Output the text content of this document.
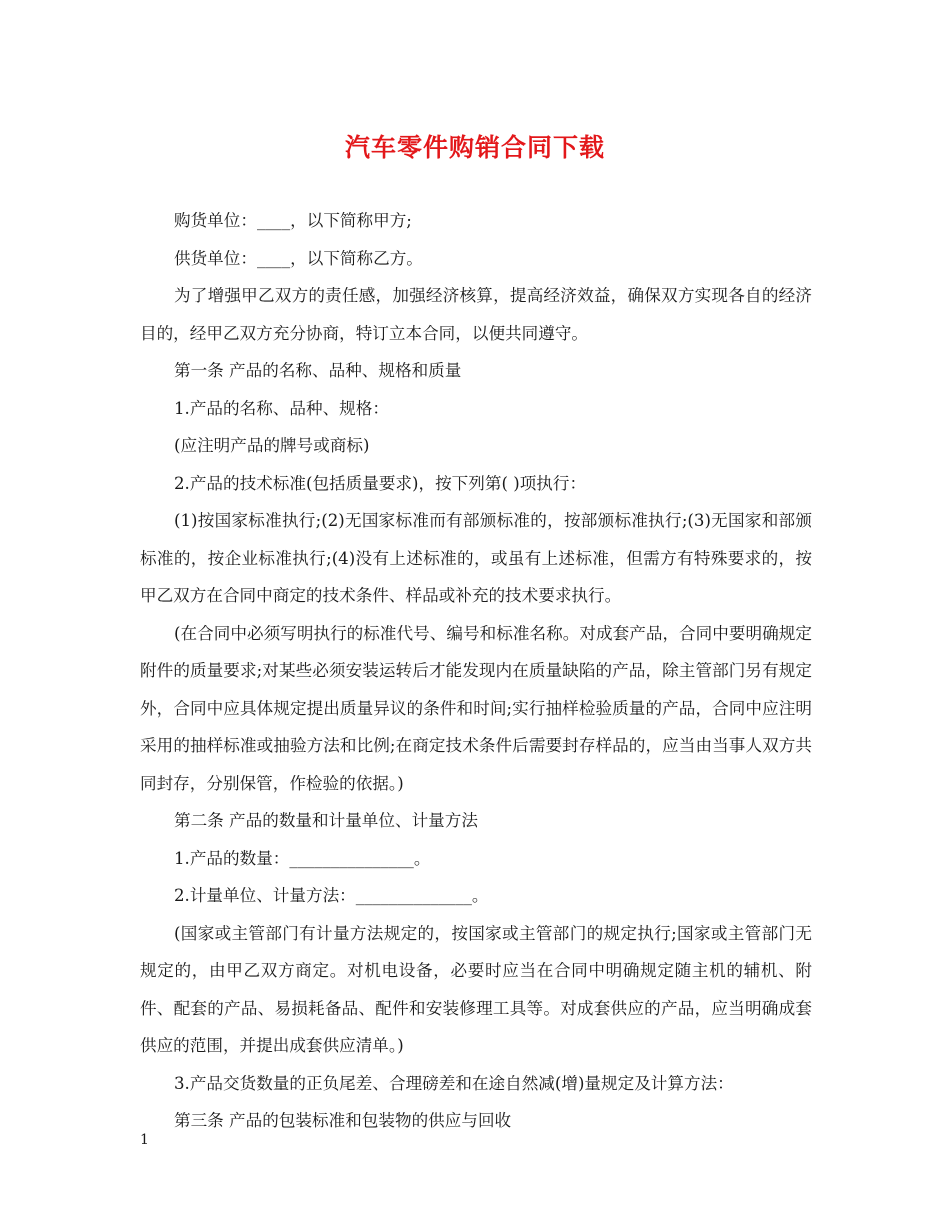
汽车零件购销合同下载

购货单位：____，以下简称甲方;

供货单位：____，以下简称乙方。

为了增强甲乙双方的责任感，加强经济核算，提高经济效益，确保双方实现各自的经济目的，经甲乙双方充分协商，特订立本合同，以便共同遵守。

第一条 产品的名称、品种、规格和质量

1.产品的名称、品种、规格：

(应注明产品的牌号或商标)

2.产品的技术标准(包括质量要求)，按下列第( )项执行：

(1)按国家标准执行;(2)无国家标准而有部颁标准的，按部颁标准执行;(3)无国家和部颁标准的，按企业标准执行;(4)没有上述标准的，或虽有上述标准，但需方有特殊要求的，按甲乙双方在合同中商定的技术条件、样品或补充的技术要求执行。

(在合同中必须写明执行的标准代号、编号和标准名称。对成套产品，合同中要明确规定附件的质量要求;对某些必须安装运转后才能发现内在质量缺陷的产品，除主管部门另有规定外，合同中应具体规定提出质量异议的条件和时间;实行抽样检验质量的产品，合同中应注明采用的抽样标准或抽验方法和比例;在商定技术条件后需要封存样品的，应当由当事人双方共同封存，分别保管，作检验的依据。)

第二条 产品的数量和计量单位、计量方法

1.产品的数量：_______________。

2.计量单位、计量方法：______________。

(国家或主管部门有计量方法规定的，按国家或主管部门的规定执行;国家或主管部门无规定的，由甲乙双方商定。对机电设备，必要时应当在合同中明确规定随主机的辅机、附件、配套的产品、易损耗备品、配件和安装修理工具等。对成套供应的产品，应当明确成套供应的范围，并提出成套供应清单。)

3.产品交货数量的正负尾差、合理磅差和在途自然减(增)量规定及计算方法：

第三条 产品的包装标准和包装物的供应与回收

1
